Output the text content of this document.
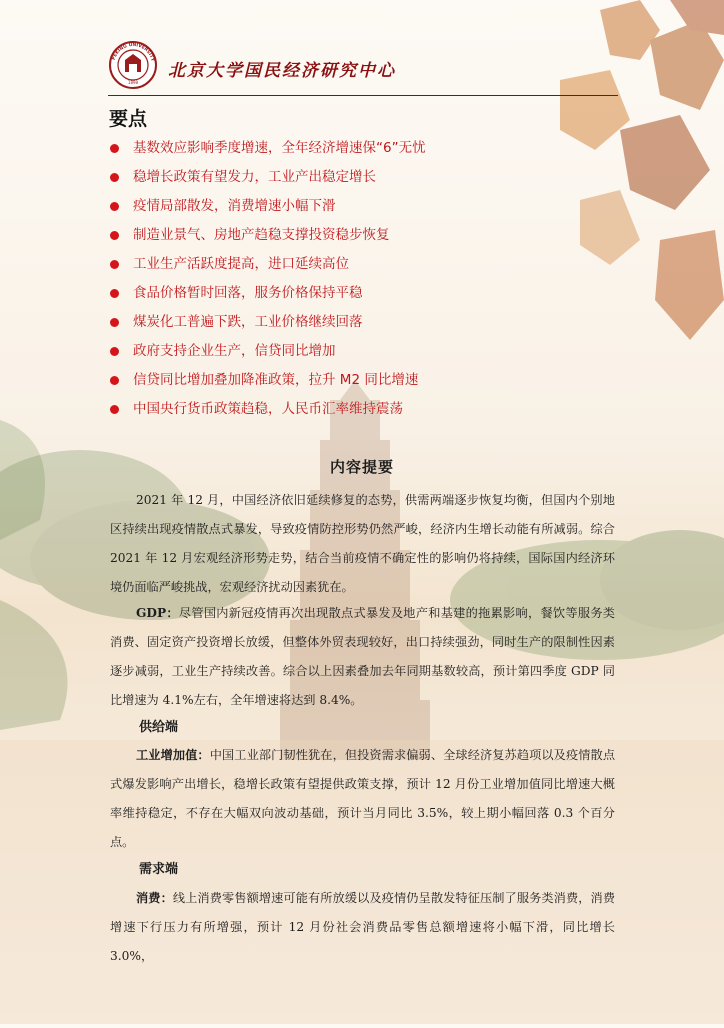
PEKING UNIVERSITY
1898
北京大学国民经济研究中心
要点
基数效应影响季度增速，全年经济增速保“6”无忧
稳增长政策有望发力，工业产出稳定增长
疫情局部散发，消费增速小幅下滑
制造业景气、房地产趋稳支撑投资稳步恢复
工业生产活跃度提高，进口延续高位
食品价格暂时回落，服务价格保持平稳
煤炭化工普遍下跌，工业价格继续回落
政府支持企业生产，信贷同比增加
信贷同比增加叠加降准政策，拉升 M2 同比增速
中国央行货币政策趋稳，人民币汇率维持震荡
内容提要
2021 年 12 月，中国经济依旧延续修复的态势，供需两端逐步恢复均衡，但国内个别地区持续出现疫情散点式暴发，导致疫情防控形势仍然严峻，经济内生增长动能有所减弱。综合 2021 年 12 月宏观经济形势走势，结合当前疫情不确定性的影响仍将持续，国际国内经济环境仍面临严峻挑战，宏观经济扰动因素犹在。
GDP：尽管国内新冠疫情再次出现散点式暴发及地产和基建的拖累影响，餐饮等服务类消费、固定资产投资增长放缓，但整体外贸表现较好，出口持续强劲，同时生产的限制性因素逐步减弱，工业生产持续改善。综合以上因素叠加去年同期基数较高，预计第四季度 GDP 同比增速为 4.1%左右，全年增速将达到 8.4%。
供给端
工业增加值：中国工业部门韧性犹在，但投资需求偏弱、全球经济复苏趋项以及疫情散点式爆发影响产出增长，稳增长政策有望提供政策支撑，预计 12 月份工业增加值同比增速大概率维持稳定，不存在大幅双向波动基础，预计当月同比 3.5%，较上期小幅回落 0.3 个百分点。
需求端
消费：线上消费零售额增速可能有所放缓以及疫情仍呈散发特征压制了服务类消费，消费增速下行压力有所增强，预计 12 月份社会消费品零售总额增速将小幅下滑，同比增长 3.0%，
